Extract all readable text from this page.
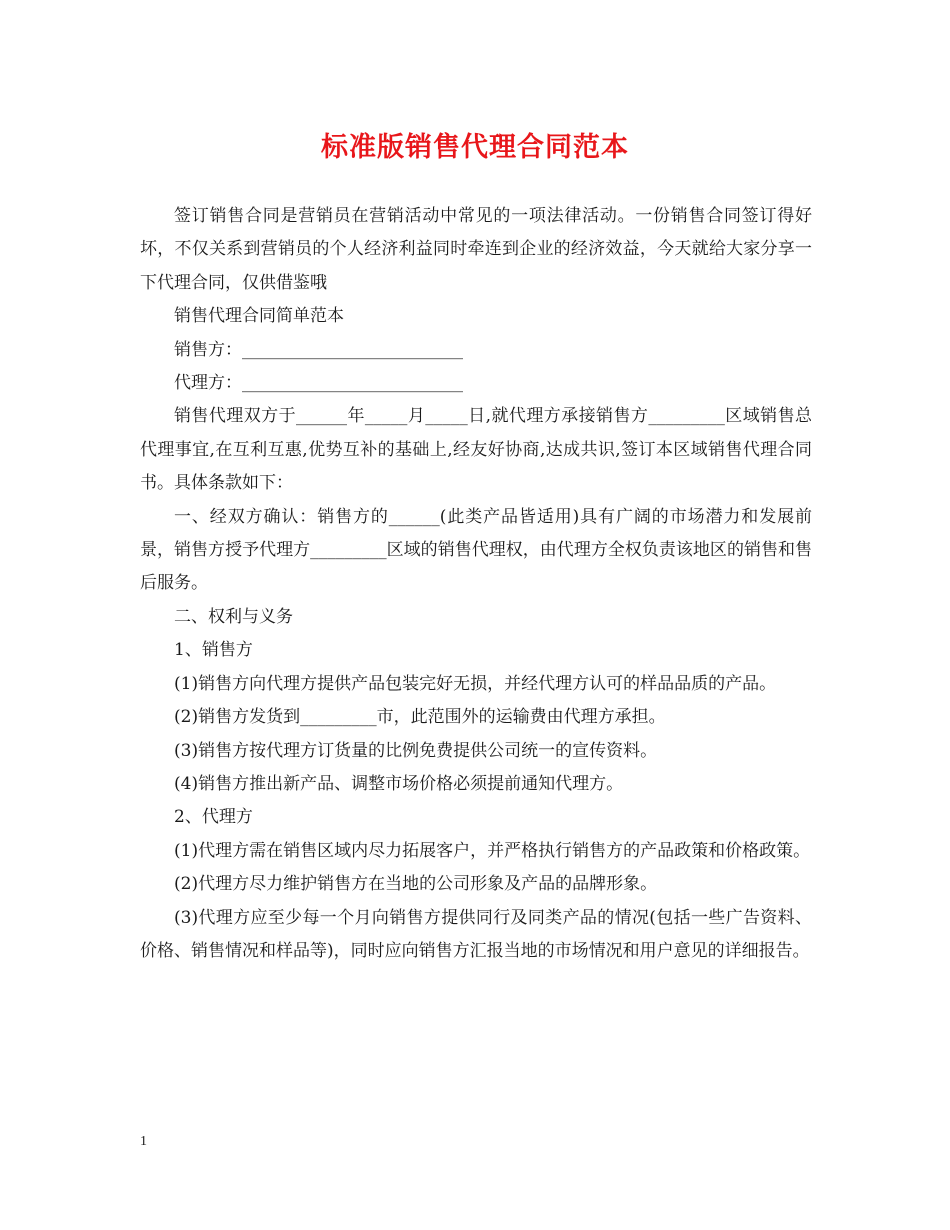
标准版销售代理合同范本

签订销售合同是营销员在营销活动中常见的一项法律活动。一份销售合同签订得好坏，不仅关系到营销员的个人经济利益同时牵连到企业的经济效益，今天就给大家分享一下代理合同，仅供借鉴哦

销售代理合同简单范本

销售方：__________________________

代理方：__________________________

销售代理双方于______年_____月_____日,就代理方承接销售方_________区域销售总代理事宜,在互利互惠,优势互补的基础上,经友好协商,达成共识,签订本区域销售代理合同书。具体条款如下：

一、经双方确认：销售方的______(此类产品皆适用)具有广阔的市场潜力和发展前景，销售方授予代理方_________区域的销售代理权，由代理方全权负责该地区的销售和售后服务。

二、权利与义务

1、销售方

(1)销售方向代理方提供产品包装完好无损，并经代理方认可的样品品质的产品。

(2)销售方发货到_________市，此范围外的运输费由代理方承担。

(3)销售方按代理方订货量的比例免费提供公司统一的宣传资料。

(4)销售方推出新产品、调整市场价格必须提前通知代理方。

2、代理方

(1)代理方需在销售区域内尽力拓展客户，并严格执行销售方的产品政策和价格政策。

(2)代理方尽力维护销售方在当地的公司形象及产品的品牌形象。

(3)代理方应至少每一个月向销售方提供同行及同类产品的情况(包括一些广告资料、价格、销售情况和样品等)，同时应向销售方汇报当地的市场情况和用户意见的详细报告。

1
